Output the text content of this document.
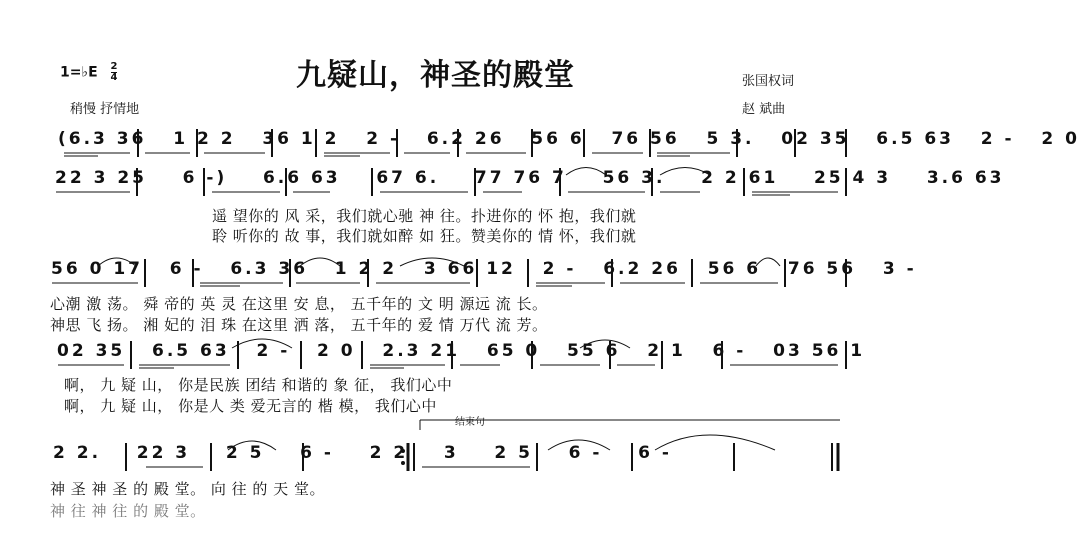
九疑山，神圣的殿堂
1=♭E $\frac{2}{4}$
稍慢 抒情地
张国权词
赵 斌曲
(6.3 36 1 2 2 36 1 2 2 - 6.2 26 56 6 76 56 5 3. 02 35 6.5 63 2 - 2 0
22 3 25 6 -) 6.6 63 67 6. 77 76 7 56 3. 2 2 61 25 4 3 3.6 63
遥 望你的 风 采，我们就心驰 神 往。扑进你的 怀 抱，我们就
聆 听你的 故 事，我们就如醉 如 狂。赞美你的 情 怀，我们就
56 0 17 6 - 6.3 36 1 2 2 3 66 12 2 - 6.2 26 56 6 76 56 3 -
心潮 激 荡。 舜 帝的 英 灵 在这里 安 息， 五千年的 文 明 源远 流 长。
神思 飞 扬。 湘 妃的 泪 珠 在这里 洒 落， 五千年的 爱 情 万代 流 芳。
02 35 6.5 63 2 - 2 0 2.3 21 65 0 55 6 2 1 6 - 03 56 1
啊， 九 疑 山， 你是民族 团结 和谐的 象 征， 我们心中
啊， 九 疑 山， 你是人 类 爱无言的 楷 模， 我们心中
结束句
2 2. 22 3 2 5 6 - 2 2 3 2 5 6 - 6 -
神 圣 神 圣 的 殿 堂。 向 往 的 天 堂。
神 往 神 往 的 殿 堂。
